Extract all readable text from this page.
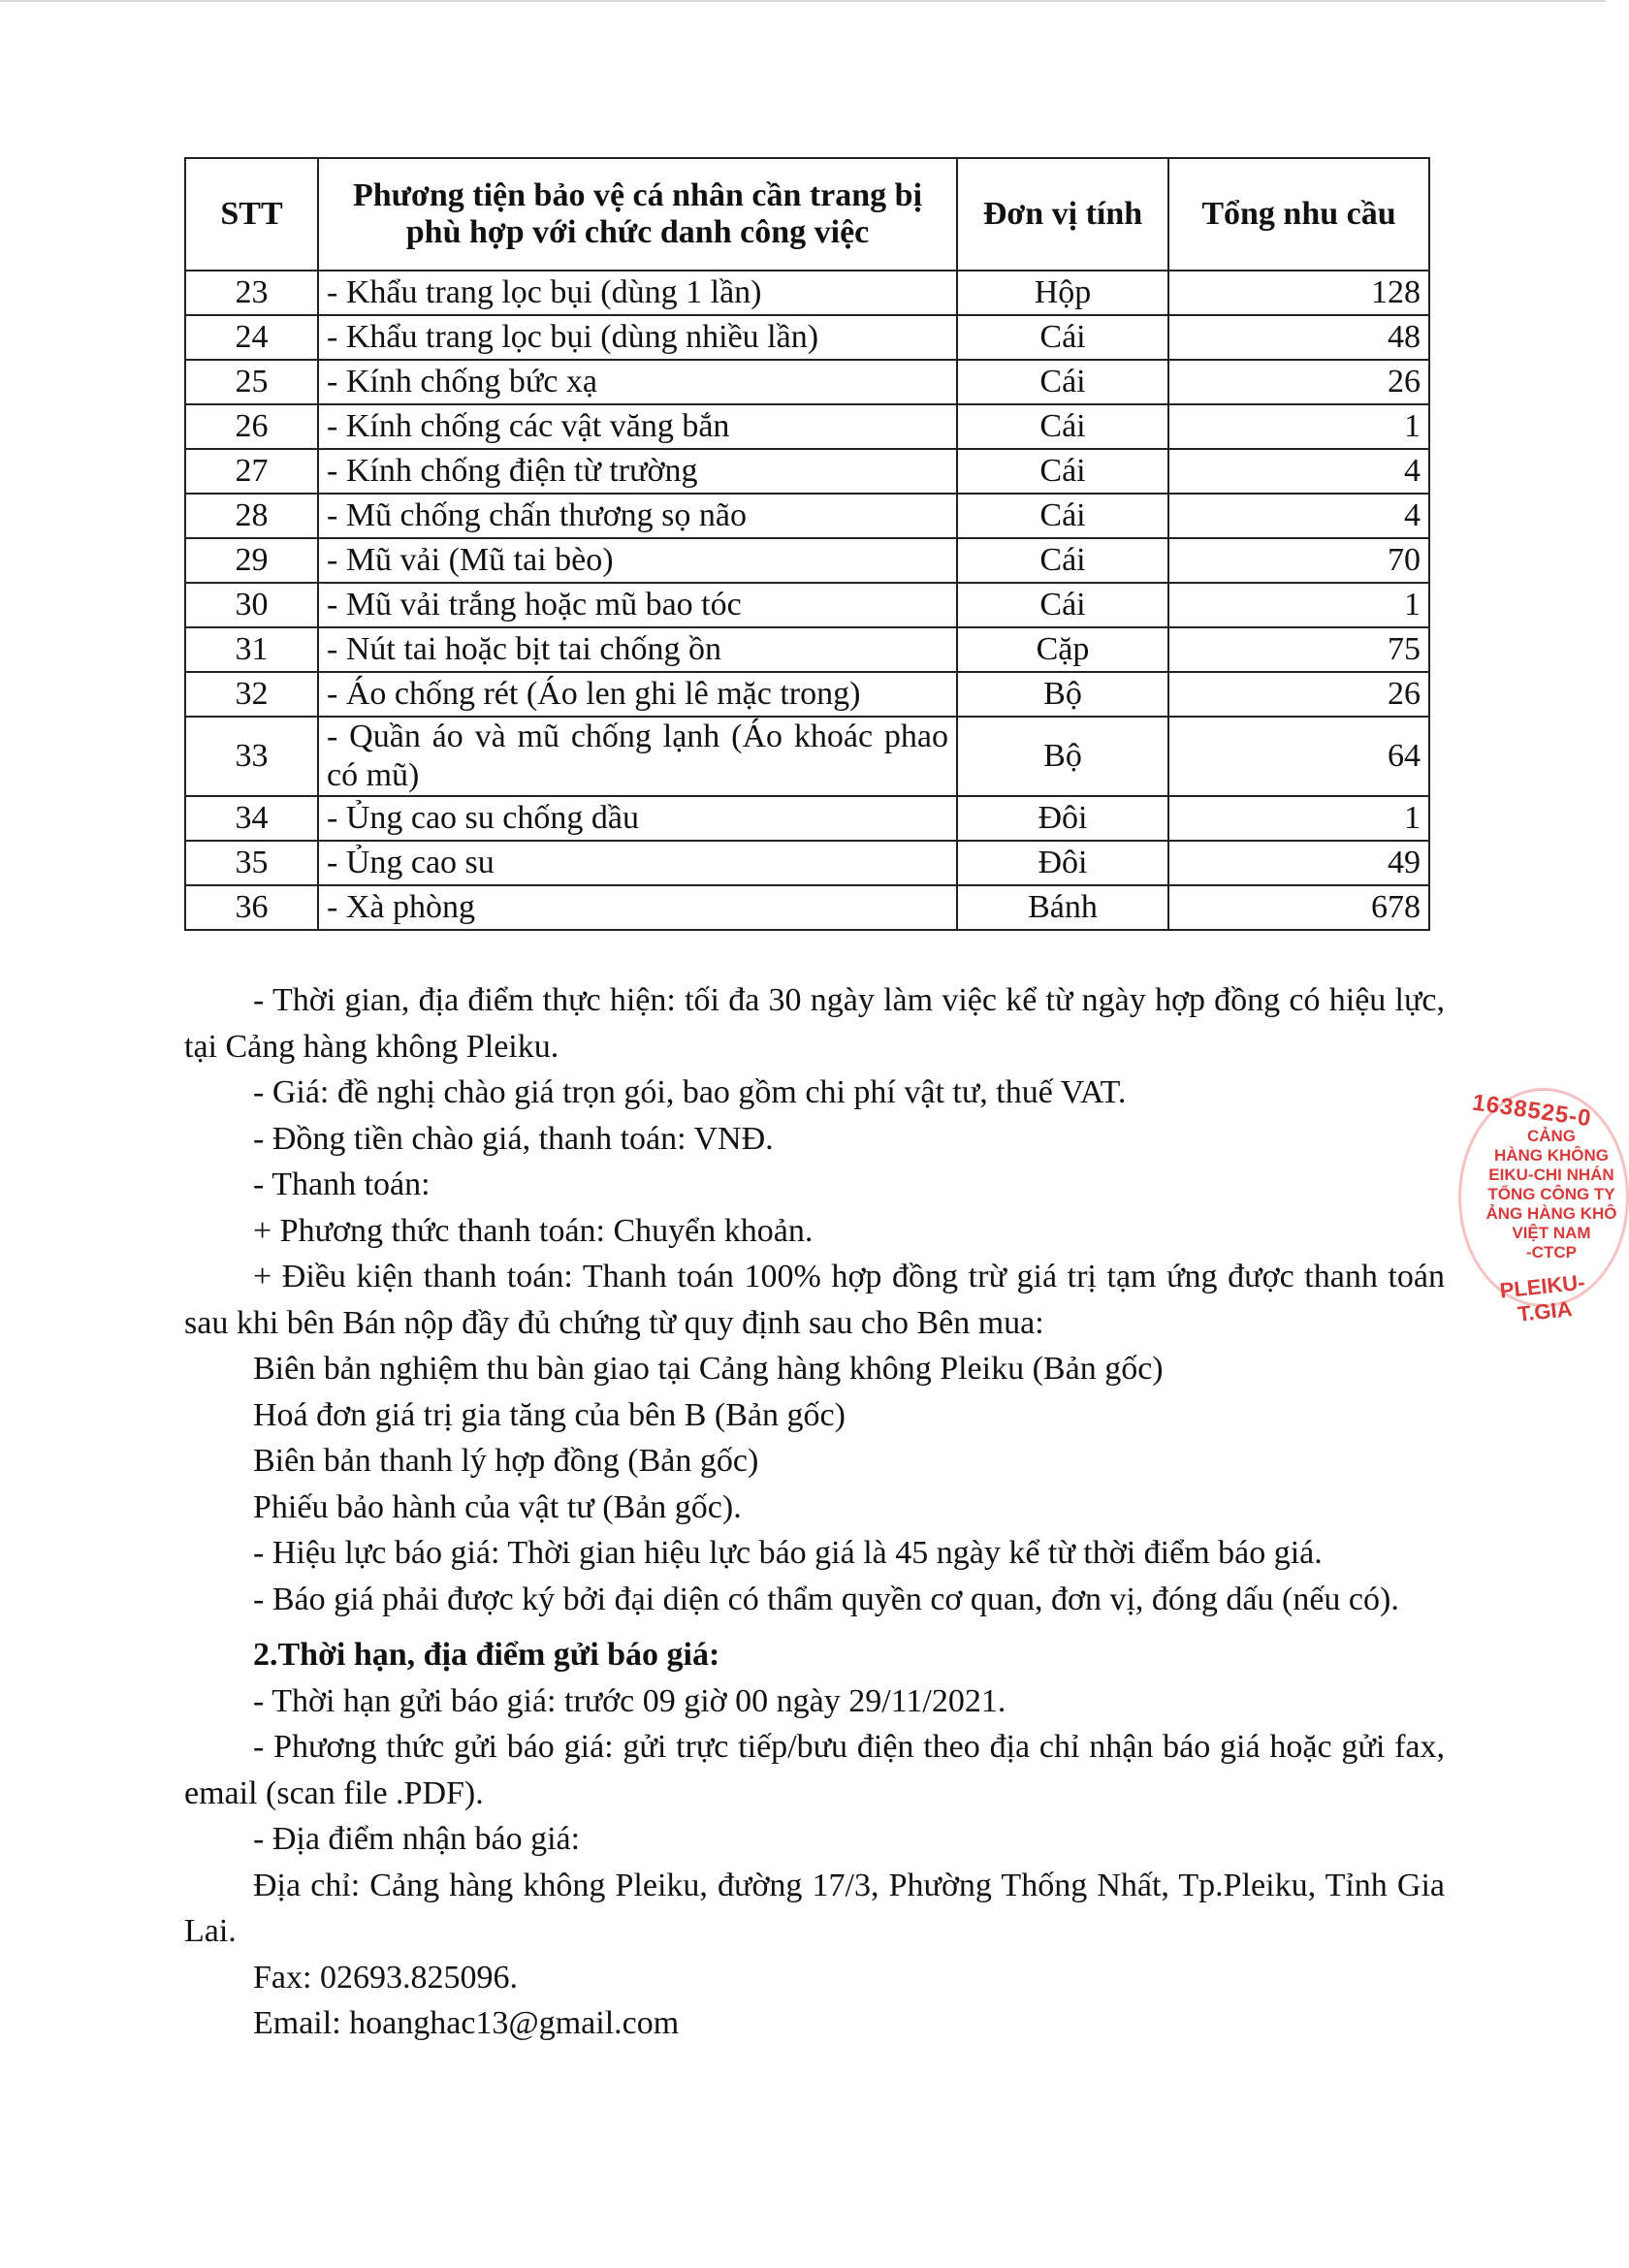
STT	Phương tiện bảo vệ cá nhân cần trang bị phù hợp với chức danh công việc	Đơn vị tính	Tổng nhu cầu
23	- Khẩu trang lọc bụi (dùng 1 lần)	Hộp	128
24	- Khẩu trang lọc bụi (dùng nhiều lần)	Cái	48
25	- Kính chống bức xạ	Cái	26
26	- Kính chống các vật văng bắn	Cái	1
27	- Kính chống điện từ trường	Cái	4
28	- Mũ chống chấn thương sọ não	Cái	4
29	- Mũ vải (Mũ tai bèo)	Cái	70
30	- Mũ vải trắng hoặc mũ bao tóc	Cái	1
31	- Nút tai hoặc bịt tai chống ồn	Cặp	75
32	- Áo chống rét (Áo len ghi lê mặc trong)	Bộ	26
33	- Quần áo và mũ chống lạnh (Áo khoác phao có mũ)	Bộ	64
34	- Ủng cao su chống dầu	Đôi	1
35	- Ủng cao su	Đôi	49
36	- Xà phòng	Bánh	678

- Thời gian, địa điểm thực hiện: tối đa 30 ngày làm việc kể từ ngày hợp đồng có hiệu lực, tại Cảng hàng không Pleiku.

- Giá: đề nghị chào giá trọn gói, bao gồm chi phí vật tư, thuế VAT.

- Đồng tiền chào giá, thanh toán: VNĐ.

- Thanh toán:

+ Phương thức thanh toán: Chuyển khoản.

+ Điều kiện thanh toán: Thanh toán 100% hợp đồng trừ giá trị tạm ứng được thanh toán sau khi bên Bán nộp đầy đủ chứng từ quy định sau cho Bên mua:

Biên bản nghiệm thu bàn giao tại Cảng hàng không Pleiku (Bản gốc)

Hoá đơn giá trị gia tăng của bên B (Bản gốc)

Biên bản thanh lý hợp đồng (Bản gốc)

Phiếu bảo hành của vật tư (Bản gốc).

- Hiệu lực báo giá: Thời gian hiệu lực báo giá là 45 ngày kể từ thời điểm báo giá.

- Báo giá phải được ký bởi đại diện có thẩm quyền cơ quan, đơn vị, đóng dấu (nếu có).

2.Thời hạn, địa điểm gửi báo giá:

- Thời hạn gửi báo giá: trước 09 giờ 00 ngày 29/11/2021.

- Phương thức gửi báo giá: gửi trực tiếp/bưu điện theo địa chỉ nhận báo giá hoặc gửi fax, email (scan file .PDF).

- Địa điểm nhận báo giá:

Địa chỉ: Cảng hàng không Pleiku, đường 17/3, Phường Thống Nhất, Tp.Pleiku, Tỉnh Gia Lai.

Fax: 02693.825096.

Email: hoanghac13@gmail.com

1638525-0
CẢNG
HÀNG KHÔNG
EIKU-CHI NHÁN
TỔNG CÔNG TY
ẢNG HÀNG KHÔ
VIỆT NAM
-CTCP
PLEIKU-T.GIA
